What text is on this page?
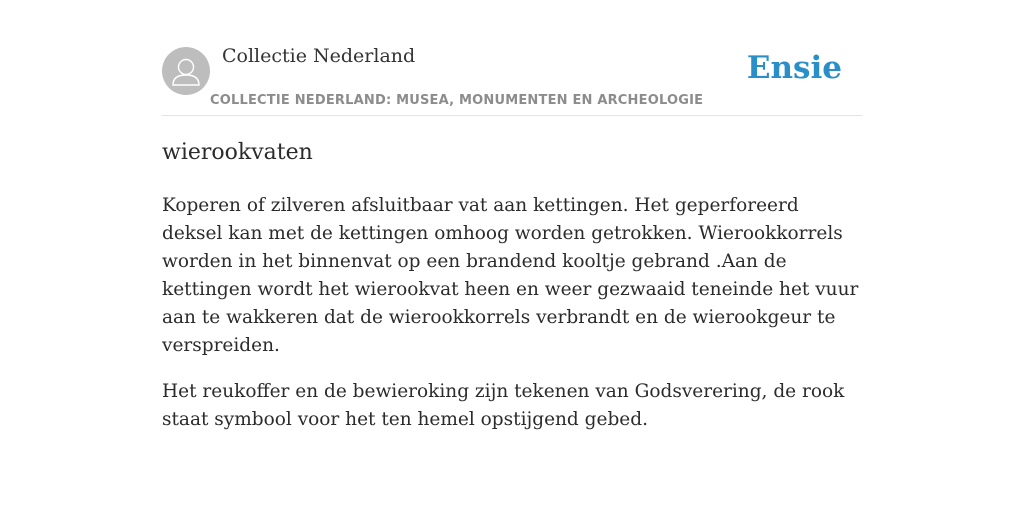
Collectie Nederland
COLLECTIE NEDERLAND: MUSEA, MONUMENTEN EN ARCHEOLOGIE
Ensie
wierookvaten

Koperen of zilveren afsluitbaar vat aan kettingen. Het geperforeerd deksel kan met de kettingen omhoog worden getrokken. Wierookkorrels worden in het binnenvat op een brandend kooltje gebrand .Aan de kettingen wordt het wierookvat heen en weer gezwaaid teneinde het vuur aan te wakkeren dat de wierookkorrels verbrandt en de wierookgeur te verspreiden.

Het reukoffer en de bewieroking zijn tekenen van Godsverering, de rook staat symbool voor het ten hemel opstijgend gebed.
